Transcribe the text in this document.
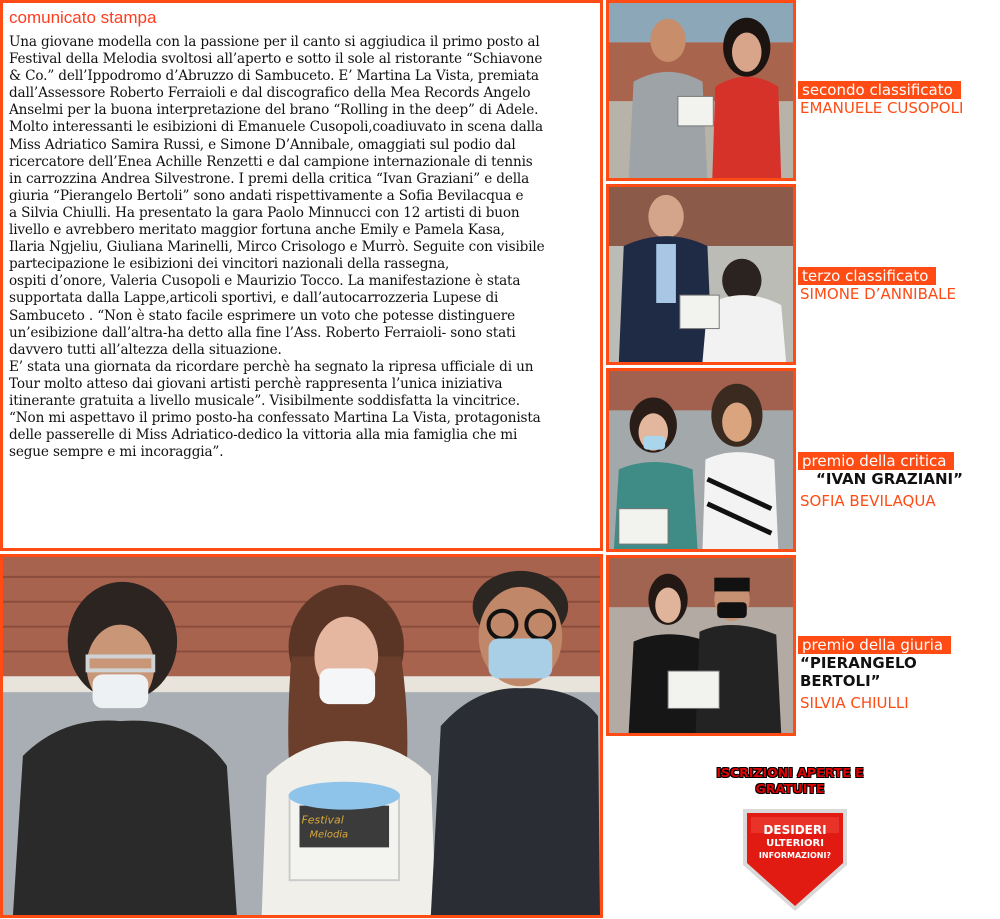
comunicato stampa
Una giovane modella con la passione per il canto si aggiudica il primo posto al
Festival della Melodia svoltosi all’aperto e sotto il sole al ristorante “Schiavone
& Co.” dell’Ippodromo d’Abruzzo di Sambuceto. E’ Martina La Vista, premiata
dall’Assessore Roberto Ferraioli e dal discografico della Mea Records Angelo
Anselmi per la buona interpretazione del brano “Rolling in the deep” di Adele.
Molto interessanti le esibizioni di Emanuele Cusopoli,coadiuvato in scena dalla
Miss Adriatico Samira Russi, e Simone D’Annibale, omaggiati sul podio dal
ricercatore dell’Enea Achille Renzetti e dal campione internazionale di tennis
in carrozzina Andrea Silvestrone. I premi della critica “Ivan Graziani” e della
giuria “Pierangelo Bertoli” sono andati rispettivamente a Sofia Bevilacqua e
a Silvia Chiulli. Ha presentato la gara Paolo Minnucci con 12 artisti di buon
livello e avrebbero meritato maggior fortuna anche Emily e Pamela Kasa,
Ilaria Ngjeliu, Giuliana Marinelli, Mirco Crisologo e Murrò. Seguite con visibile
partecipazione le esibizioni dei vincitori nazionali della rassegna,
ospiti d’onore, Valeria Cusopoli e Maurizio Tocco. La manifestazione è stata
supportata dalla Lappe,articoli sportivi, e dall’autocarrozzeria Lupese di
Sambuceto . “Non è stato facile esprimere un voto che potesse distinguere
un’esibizione dall’altra-ha detto alla fine l’Ass. Roberto Ferraioli- sono stati
davvero tutti all’altezza della situazione.
E’ stata una giornata da ricordare perchè ha segnato la ripresa ufficiale di un
Tour molto atteso dai giovani artisti perchè rappresenta l’unica iniziativa
itinerante gratuita a livello musicale”. Visibilmente soddisfatta la vincitrice.
“Non mi aspettavo il primo posto-ha confessato Martina La Vista, protagonista
delle passerelle di Miss Adriatico-dedico la vittoria alla mia famiglia che mi
segue sempre e mi incoraggia”.
Festival
Melodia
secondo classificato
EMANUELE CUSOPOLI
terzo classificato
SIMONE D’ANNIBALE
premio della critica
“IVAN GRAZIANI”
SOFIA BEVILAQUA
premio della giuria
“PIERANGELO BERTOLI”
SILVIA CHIULLI
ISCRIZIONI APERTE E
GRATUITE
DESIDERI
ULTERIORI
INFORMAZIONI?
